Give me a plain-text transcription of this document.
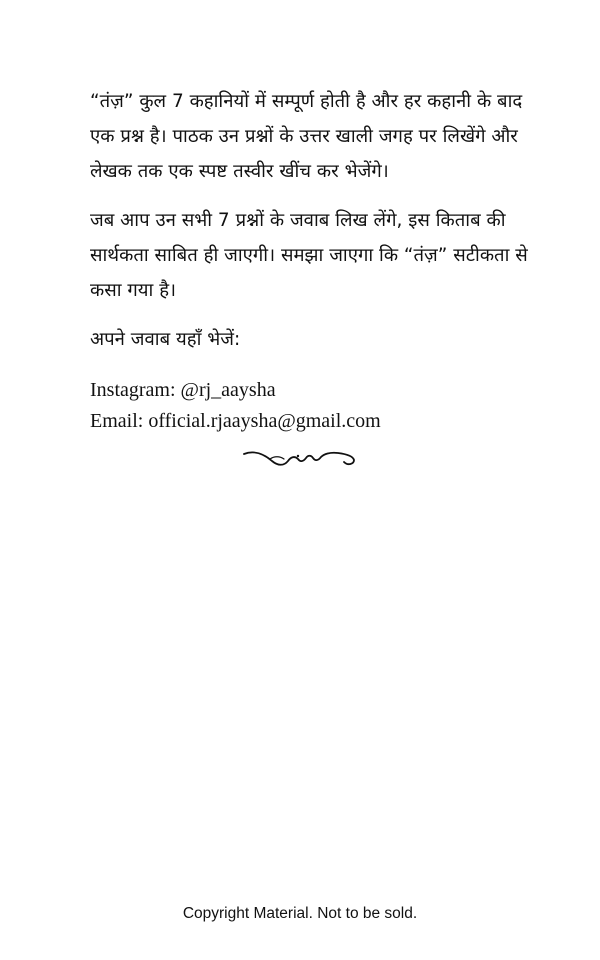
“तंज़” कुल 7 कहानियों में सम्पूर्ण होती है और हर कहानी के बाद एक प्रश्न है। पाठक उन प्रश्नों के उत्तर खाली जगह पर लिखेंगे और लेखक तक एक स्पष्ट तस्वीर खींच कर भेजेंगे।

जब आप उन सभी 7 प्रश्नों के जवाब लिख लेंगे, इस किताब की सार्थकता साबित ही जाएगी। समझा जाएगा कि “तंज़” सटीकता से कसा गया है।

अपने जवाब यहाँ भेजें:

Instagram: @rj_aaysha

Email: official.rjaaysha@gmail.com

Copyright Material. Not to be sold.
